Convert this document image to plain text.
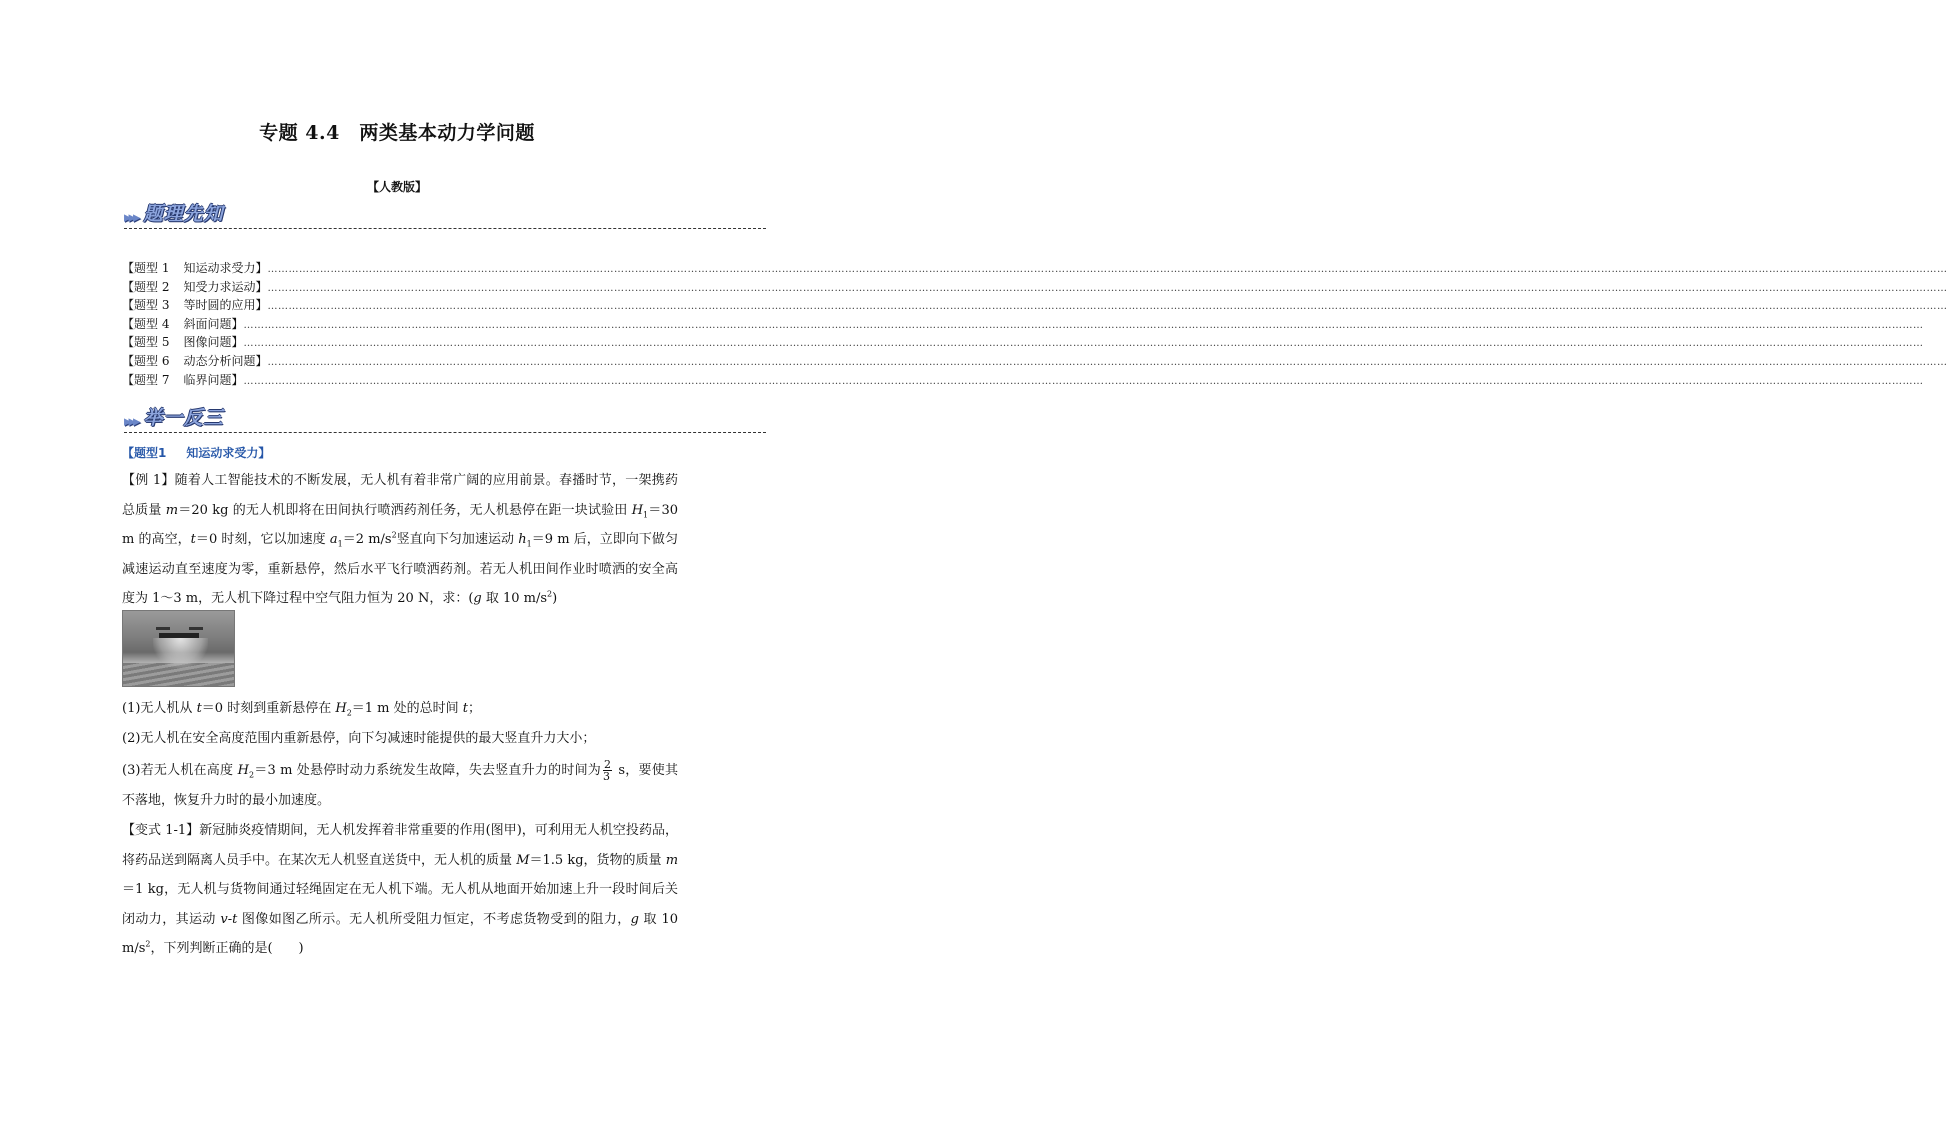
专题 4.4　两类基本动力学问题
【人教版】
▸▸▸ 题理先知
【题型 1 知运动求受力】 …………………………………………………………………………………………………………………………………………………………………………………………………………………………………………………………………………………………………………………………………………………………………………………………………………………………………………
【题型 2 知受力求运动】 …………………………………………………………………………………………………………………………………………………………………………………………………………………………………………………………………………………………………………………………………………………………………………………………………………………………………………
【题型 3 等时圆的应用】 …………………………………………………………………………………………………………………………………………………………………………………………………………………………………………………………………………………………………………………………………………………………………………………………………………………………………………
【题型 4 斜面问题】 …………………………………………………………………………………………………………………………………………………………………………………………………………………………………………………………………………………………………………………………………………………………………………………………………………………………………………
【题型 5 图像问题】 …………………………………………………………………………………………………………………………………………………………………………………………………………………………………………………………………………………………………………………………………………………………………………………………………………………………………………
【题型 6 动态分析问题】 …………………………………………………………………………………………………………………………………………………………………………………………………………………………………………………………………………………………………………………………………………………………………………………………………………………………………………
【题型 7 临界问题】 …………………………………………………………………………………………………………………………………………………………………………………………………………………………………………………………………………………………………………………………………………………………………………………………………………………………………………
▸▸▸ 举一反三
【题型1 知运动求受力】
【例 1】随着人工智能技术的不断发展，无人机有着非常广阔的应用前景。春播时节，一架携药总质量 m＝20 kg 的无人机即将在田间执行喷洒药剂任务，无人机悬停在距一块试验田 $H_1=30$ m 的高空，t＝0 时刻，它以加速度 $a_1=2$ $m/s^2$竖直向下匀加速运动 $h_1=9$ m 后，立即向下做匀减速运动直至速度为零，重新悬停，然后水平飞行喷洒药剂。若无人机田间作业时喷洒的安全高度为 1～3 m，无人机下降过程中空气阻力恒为 20 N，求：(g 取 10 $m/s^2$)
(1)无人机从 t＝0 时刻到重新悬停在 $H_2=1$ m 处的总时间 t；
(2)无人机在安全高度范围内重新悬停，向下匀减速时能提供的最大竖直升力大小；
(3)若无人机在高度 $H_2=3$ m 处悬停时动力系统发生故障，失去竖直升力的时间为 $\frac{2}{3}$ s，要使其不落地，恢复升力时的最小加速度。
【变式 1-1】新冠肺炎疫情期间，无人机发挥着非常重要的作用(图甲)，可利用无人机空投药品，将药品送到隔离人员手中。在某次无人机竖直送货中，无人机的质量 M＝1.5 kg，货物的质量 m＝1 kg，无人机与货物间通过轻绳固定在无人机下端。无人机从地面开始加速上升一段时间后关闭动力，其运动 v-t 图像如图乙所示。无人机所受阻力恒定，不考虑货物受到的阻力，g 取 10 $m/s^2$，下列判断正确的是(　　)
